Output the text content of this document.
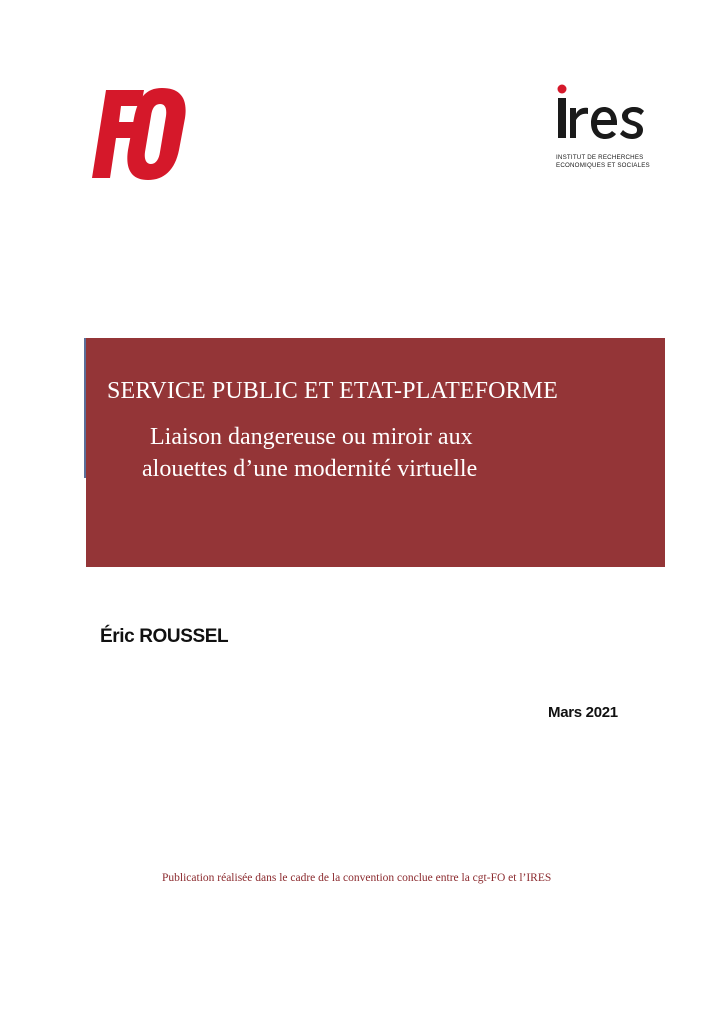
INSTITUT DE RECHERCHES
ECONOMIQUES ET SOCIALES
SERVICE PUBLIC ET ETAT-PLATEFORME
Liaison dangereuse ou miroir aux
alouettes d’une modernité virtuelle
Éric ROUSSEL
Mars 2021
Publication réalisée dans le cadre de la convention conclue entre la cgt-FO et l’IRES
